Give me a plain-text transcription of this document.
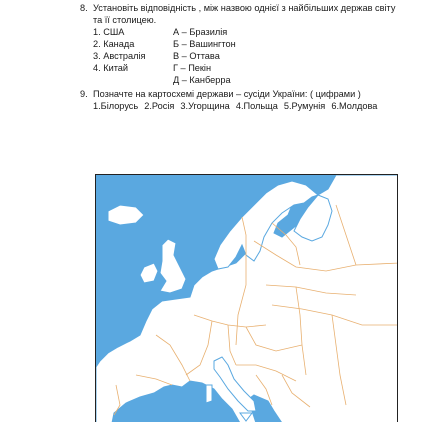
8. Установіть відповідність , між назвою однієї з найбільших держав світу
та її столицею.
1. США	А – Бразилія
2. Канада	Б – Вашингтон
3. Австралія	В – Оттава
4. Китай	Г – Пекін
Д – Канберра
9. Позначте на картосхемі держави – сусіди України: ( цифрами )
1.Білорусь 2.Росія 3.Угорщина 4.Польща 5.Румунія 6.Молдова
